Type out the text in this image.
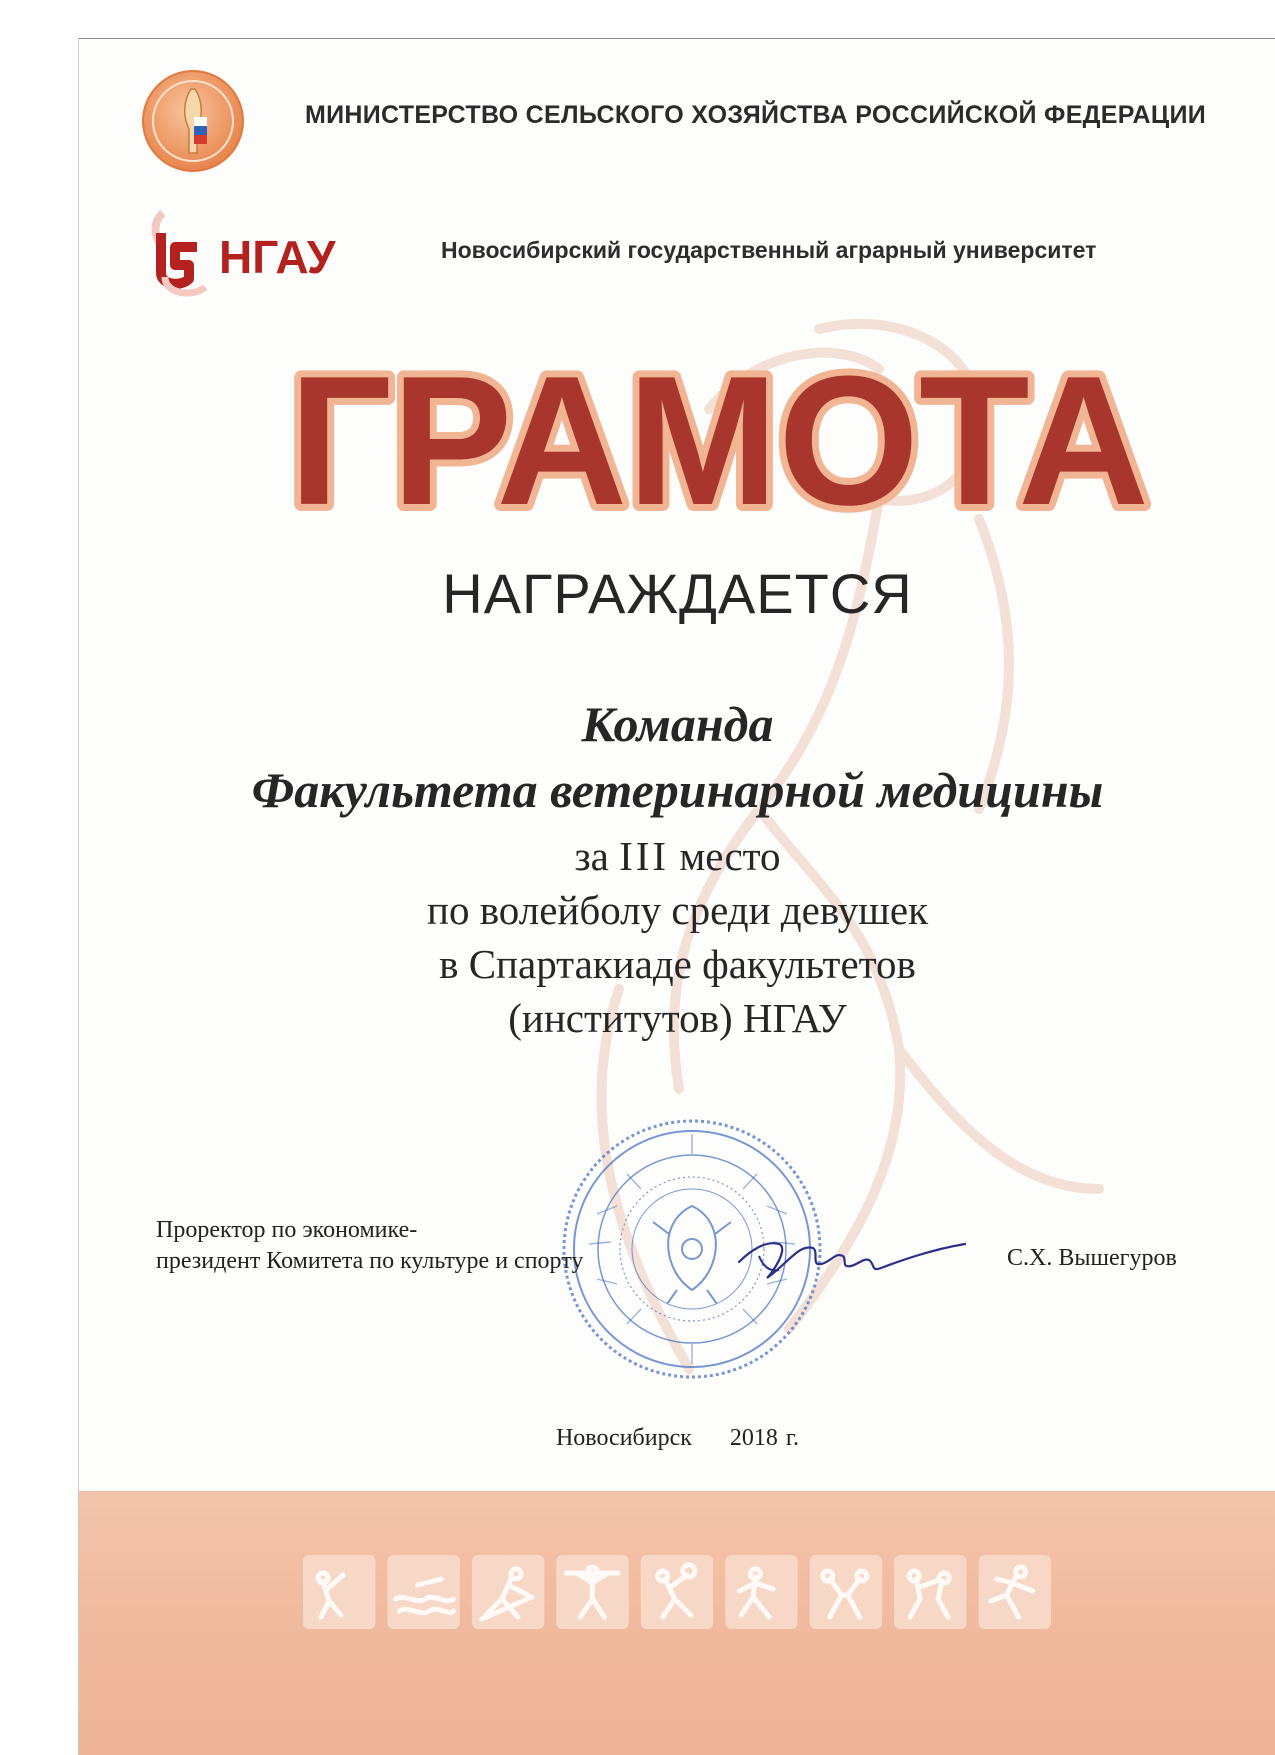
МИНИСТЕРСТВО СЕЛЬСКОГО ХОЗЯЙСТВА РОССИЙСКОЙ ФЕДЕРАЦИИ
НГАУ	Новосибирский государственный аграрный университет
ГРАМОТА
НАГРАЖДАЕТСЯ
Команда
Факультета ветеринарной медицины
за III место
по волейболу среди девушек
в Спартакиаде факультетов
(институтов) НГАУ
Проректор по экономике-
президент Комитета по культуре и спорту	С.Х. Вышегуров
Новосибирск 2018 г.
